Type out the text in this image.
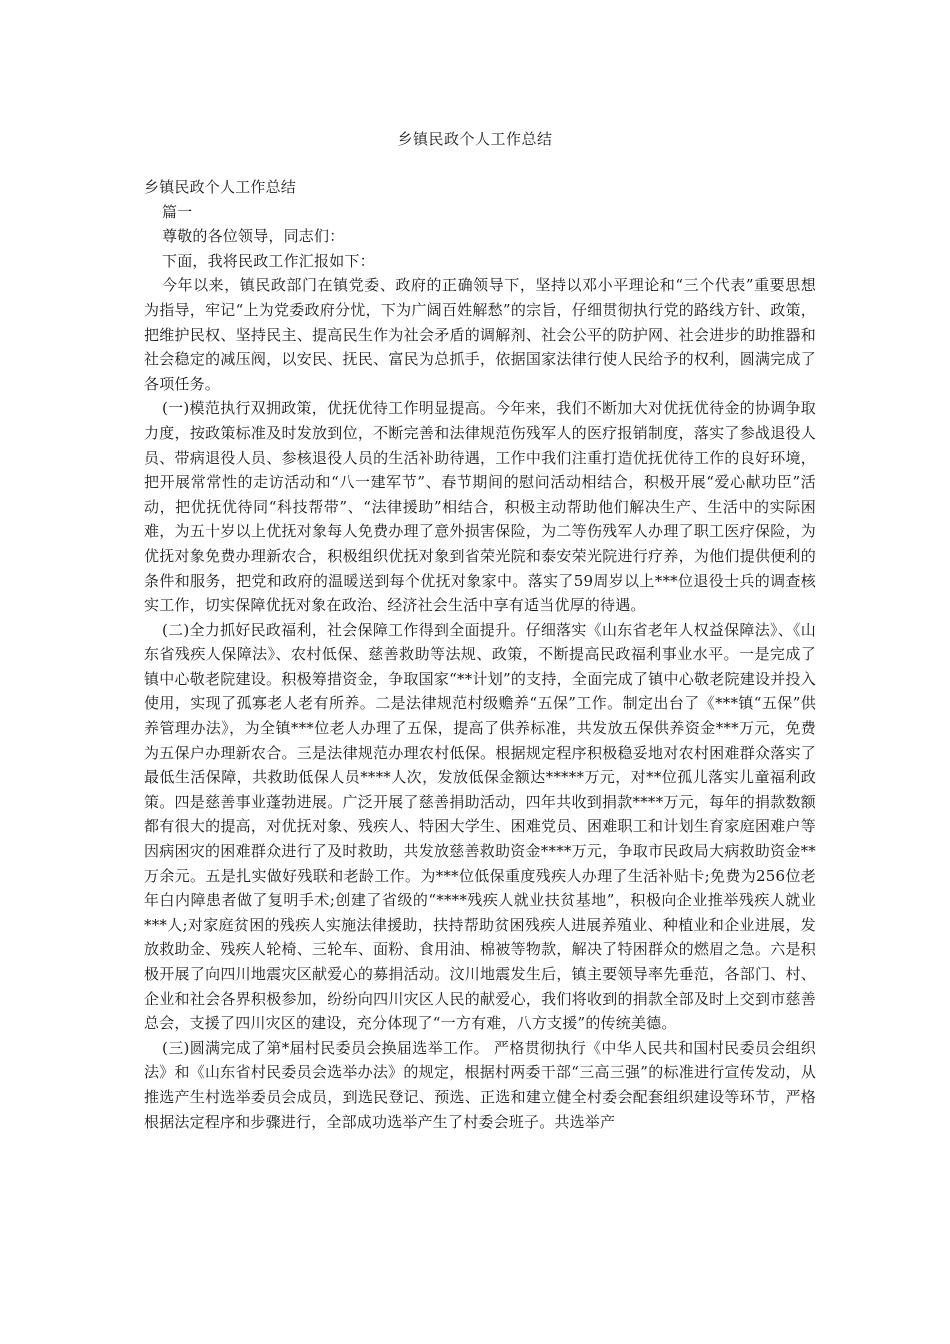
乡镇民政个人工作总结

乡镇民政个人工作总结

篇一

尊敬的各位领导，同志们：

下面，我将民政工作汇报如下：

今年以来，镇民政部门在镇党委、政府的正确领导下，坚持以邓小平理论和“三个代表”重要思想为指导，牢记“上为党委政府分忧，下为广阔百姓解愁”的宗旨，仔细贯彻执行党的路线方针、政策，把维护民权、坚持民主、提高民生作为社会矛盾的调解剂、社会公平的防护网、社会进步的助推器和社会稳定的减压阀，以安民、抚民、富民为总抓手，依据国家法律行使人民给予的权利，圆满完成了各项任务。

(一)模范执行双拥政策，优抚优待工作明显提高。今年来，我们不断加大对优抚优待金的协调争取力度，按政策标准及时发放到位，不断完善和法律规范伤残军人的医疗报销制度，落实了参战退役人员、带病退役人员、参核退役人员的生活补助待遇，工作中我们注重打造优抚优待工作的良好环境，把开展常常性的走访活动和“八一建军节”、春节期间的慰问活动相结合，积极开展“爱心献功臣”活动，把优抚优待同“科技帮带”、“法律援助”相结合，积极主动帮助他们解决生产、生活中的实际困难，为五十岁以上优抚对象每人免费办理了意外损害保险，为二等伤残军人办理了职工医疗保险，为优抚对象免费办理新农合，积极组织优抚对象到省荣光院和泰安荣光院进行疗养，为他们提供便利的条件和服务，把党和政府的温暖送到每个优抚对象家中。落实了59周岁以上***位退役士兵的调查核实工作，切实保障优抚对象在政治、经济社会生活中享有适当优厚的待遇。

(二)全力抓好民政福利，社会保障工作得到全面提升。仔细落实《山东省老年人权益保障法》、《山东省残疾人保障法》、农村低保、慈善救助等法规、政策，不断提高民政福利事业水平。一是完成了镇中心敬老院建设。积极筹措资金，争取国家“**计划”的支持，全面完成了镇中心敬老院建设并投入使用，实现了孤寡老人老有所养。二是法律规范村级赡养“五保”工作。制定出台了《***镇“五保”供养管理办法》，为全镇***位老人办理了五保，提高了供养标准，共发放五保供养资金***万元，免费为五保户办理新农合。三是法律规范办理农村低保。根据规定程序积极稳妥地对农村困难群众落实了最低生活保障，共救助低保人员****人次，发放低保金额达*****万元，对**位孤儿落实儿童福利政策。四是慈善事业蓬勃进展。广泛开展了慈善捐助活动，四年共收到捐款****万元，每年的捐款数额都有很大的提高，对优抚对象、残疾人、特困大学生、困难党员、困难职工和计划生育家庭困难户等因病困灾的困难群众进行了及时救助，共发放慈善救助资金****万元，争取市民政局大病救助资金**万余元。五是扎实做好残联和老龄工作。为***位低保重度残疾人办理了生活补贴卡;免费为256位老年白内障患者做了复明手术;创建了省级的“****残疾人就业扶贫基地”，积极向企业推举残疾人就业***人;对家庭贫困的残疾人实施法律援助，扶持帮助贫困残疾人进展养殖业、种植业和企业进展，发放救助金、残疾人轮椅、三轮车、面粉、食用油、棉被等物款，解决了特困群众的燃眉之急。六是积极开展了向四川地震灾区献爱心的募捐活动。汶川地震发生后，镇主要领导率先垂范，各部门、村、企业和社会各界积极参加，纷纷向四川灾区人民的献爱心，我们将收到的捐款全部及时上交到市慈善总会，支援了四川灾区的建设，充分体现了“一方有难，八方支援”的传统美德。

(三)圆满完成了第*届村民委员会换届选举工作。 严格贯彻执行《中华人民共和国村民委员会组织法》和《山东省村民委员会选举办法》的规定，根据村两委干部“三高三强”的标准进行宣传发动，从推选产生村选举委员会成员，到选民登记、预选、正选和建立健全村委会配套组织建设等环节，严格根据法定程序和步骤进行，全部成功选举产生了村委会班子。共选举产
